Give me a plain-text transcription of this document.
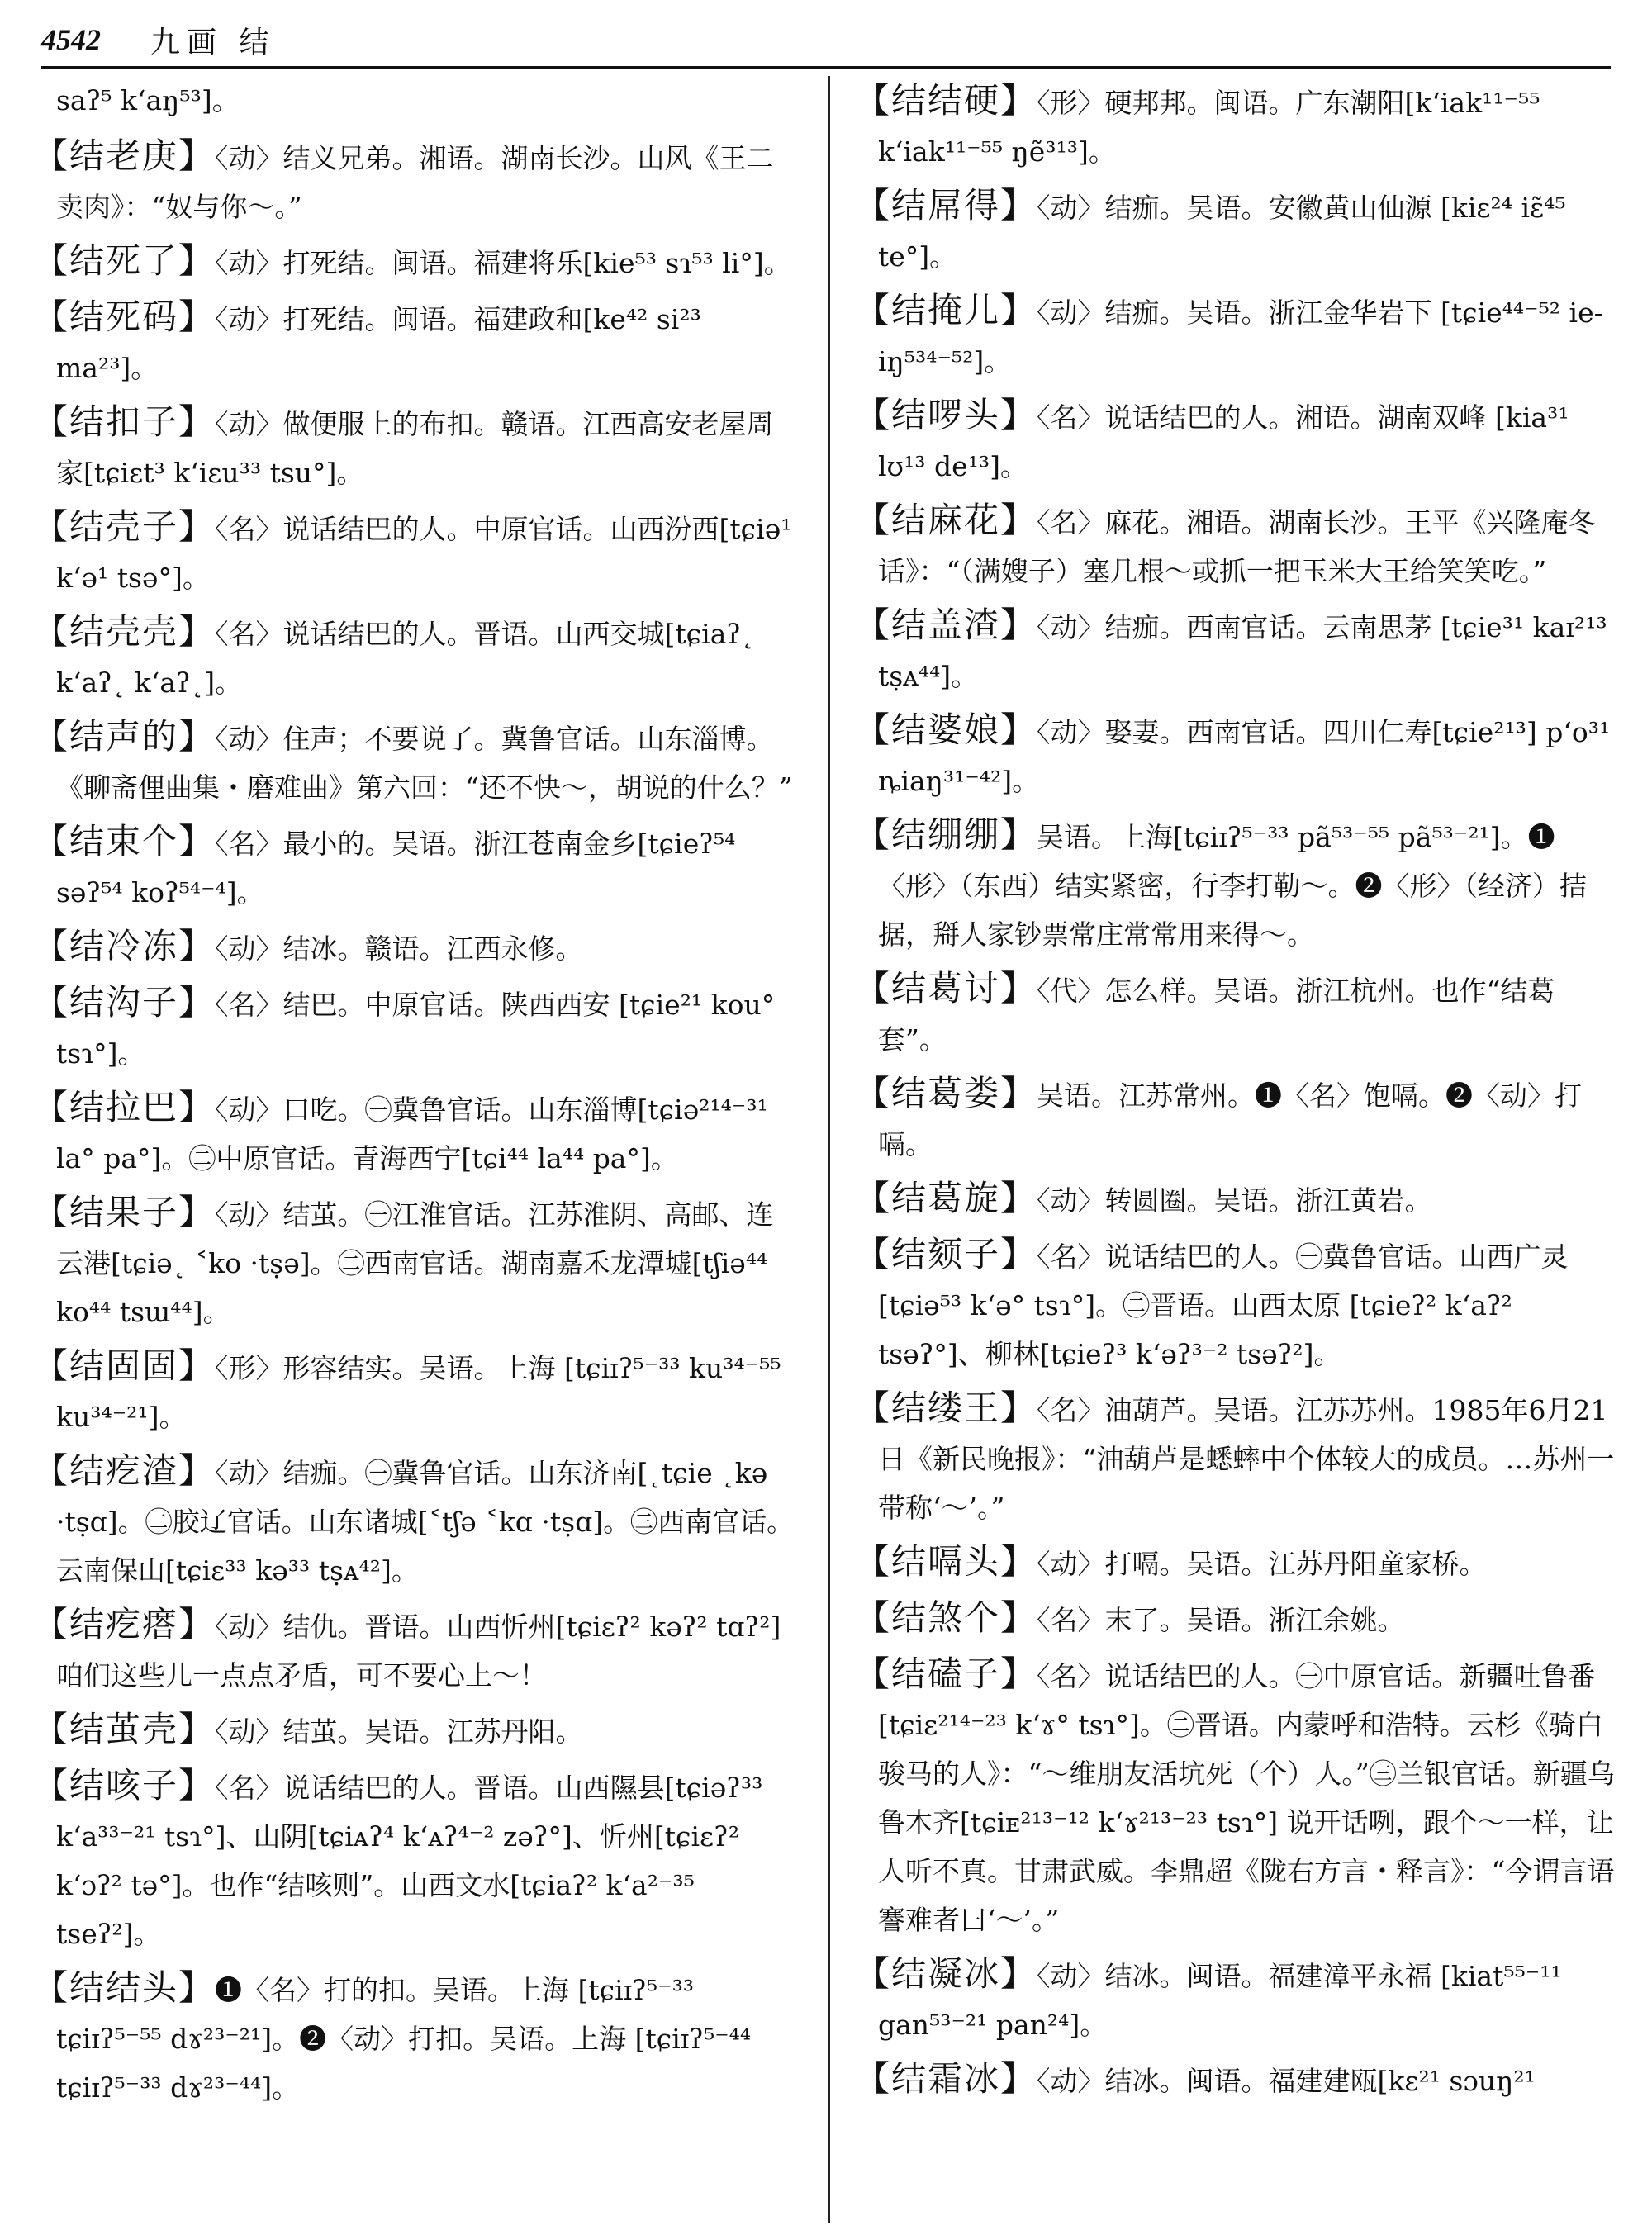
4542 九画 结

saʔ⁵ k‘aŋ⁵³]。

【结老庚】〈动〉结义兄弟。湘语。湖南长沙。山风《王二卖肉》：“奴与你～。”

【结死了】〈动〉打死结。闽语。福建将乐[kie⁵³ sɿ⁵³ li°]。

【结死码】〈动〉打死结。闽语。福建政和[ke⁴² si²³ ma²³]。

【结扣子】〈动〉做便服上的布扣。赣语。江西高安老屋周家[tɕiɛt³ k‘iɛu³³ tsu°]。

【结壳子】〈名〉说话结巴的人。中原官话。山西汾西[tɕiə¹ k‘ə¹ tsə°]。

【结壳壳】〈名〉说话结巴的人。晋语。山西交城[tɕiaʔ˛ k‘aʔ˛ k‘aʔ˛]。

【结声的】〈动〉住声；不要说了。冀鲁官话。山东淄博。《聊斋俚曲集・磨难曲》第六回：“还不快～，胡说的什么？”

【结束个】〈名〉最小的。吴语。浙江苍南金乡[tɕieʔ⁵⁴ səʔ⁵⁴ koʔ⁵⁴⁻⁴]。

【结冷冻】〈动〉结冰。赣语。江西永修。

【结沟子】〈名〉结巴。中原官话。陕西西安 [tɕie²¹ kou° tsɿ°]。

【结拉巴】〈动〉口吃。㊀冀鲁官话。山东淄博[tɕiə²¹⁴⁻³¹ la° pa°]。㊁中原官话。青海西宁[tɕi⁴⁴ la⁴⁴ pa°]。

【结果子】〈动〉结茧。㊀江淮官话。江苏淮阴、高邮、连云港[tɕiə˛ ˂ko ·tṣə]。㊁西南官话。湖南嘉禾龙潭墟[tʃiə⁴⁴ ko⁴⁴ tsɯ⁴⁴]。

【结固固】〈形〉形容结实。吴语。上海 [tɕiɪʔ⁵⁻³³ ku³⁴⁻⁵⁵ ku³⁴⁻²¹]。

【结疙渣】〈动〉结痂。㊀冀鲁官话。山东济南[˛tɕie ˛kə ·tṣɑ]。㊁胶辽官话。山东诸城[˂tʃə ˂kɑ ·tṣɑ]。㊂西南官话。云南保山[tɕiɛ³³ kə³³ tṣᴀ⁴²]。

【结疙瘩】〈动〉结仇。晋语。山西忻州[tɕiɛʔ² kəʔ² tɑʔ²]咱们这些儿一点点矛盾，可不要心上～！

【结茧壳】〈动〉结茧。吴语。江苏丹阳。

【结咳子】〈名〉说话结巴的人。晋语。山西隰县[tɕiəʔ³³ k‘a³³⁻²¹ tsɿ°]、山阴[tɕiᴀʔ⁴ k‘ᴀʔ⁴⁻² zəʔ°]、忻州[tɕiɛʔ² k‘ɔʔ² tə°]。也作“结咳则”。山西文水[tɕiaʔ² k‘a²⁻³⁵ tseʔ²]。

【结结头】❶〈名〉打的扣。吴语。上海 [tɕiɪʔ⁵⁻³³ tɕiɪʔ⁵⁻⁵⁵ dɤ²³⁻²¹]。❷〈动〉打扣。吴语。上海 [tɕiɪʔ⁵⁻⁴⁴ tɕiɪʔ⁵⁻³³ dɤ²³⁻⁴⁴]。

【结结硬】〈形〉硬邦邦。闽语。广东潮阳[k‘iak¹¹⁻⁵⁵ k‘iak¹¹⁻⁵⁵ ŋẽ³¹³]。

【结屌得】〈动〉结痂。吴语。安徽黄山仙源 [kiɛ²⁴ iɛ̃⁴⁵ te°]。

【结掩儿】〈动〉结痂。吴语。浙江金华岩下 [tɕie⁴⁴⁻⁵² ie-iŋ⁵³⁴⁻⁵²]。

【结啰头】〈名〉说话结巴的人。湘语。湖南双峰 [kia³¹ lʊ¹³ de¹³]。

【结麻花】〈名〉麻花。湘语。湖南长沙。王平《兴隆庵冬话》：“（满嫂子）塞几根～或抓一把玉米大王给笑笑吃。”

【结盖渣】〈动〉结痂。西南官话。云南思茅 [tɕie³¹ kaɪ²¹³ tṣᴀ⁴⁴]。

【结婆娘】〈动〉娶妻。西南官话。四川仁寿[tɕie²¹³] p‘o³¹ ȵiaŋ³¹⁻⁴²]。

【结绷绷】吴语。上海[tɕiɪʔ⁵⁻³³ pã⁵³⁻⁵⁵ pã⁵³⁻²¹]。❶〈形〉（东西）结实紧密，行李打勒～。❷〈形〉（经济）拮据，搿人家钞票常庄常常用来得～。

【结葛讨】〈代〉怎么样。吴语。浙江杭州。也作“结葛套”。

【结葛娄】吴语。江苏常州。❶〈名〉饱嗝。❷〈动〉打嗝。

【结葛旋】〈动〉转圆圈。吴语。浙江黄岩。

【结颏子】〈名〉说话结巴的人。㊀冀鲁官话。山西广灵[tɕiə⁵³ k‘ə° tsɿ°]。㊁晋语。山西太原 [tɕieʔ² k‘aʔ² tsəʔ°]、柳林[tɕieʔ³ k‘əʔ³⁻² tsəʔ²]。

【结缕王】〈名〉油葫芦。吴语。江苏苏州。1985年6月21日《新民晚报》：“油葫芦是蟋蟀中个体较大的成员。…苏州一带称‘～’。”

【结嗝头】〈动〉打嗝。吴语。江苏丹阳童家桥。

【结煞个】〈名〉末了。吴语。浙江余姚。

【结磕子】〈名〉说话结巴的人。㊀中原官话。新疆吐鲁番[tɕiɛ²¹⁴⁻²³ k‘ɤ° tsɿ°]。㊁晋语。内蒙呼和浩特。云杉《骑白骏马的人》：“～维朋友活坑死（个）人。”㊂兰银官话。新疆乌鲁木齐[tɕiᴇ²¹³⁻¹² k‘ɤ²¹³⁻²³ tsɿ°] 说开话咧，跟个～一样，让人听不真。甘肃武威。李鼎超《陇右方言・释言》：“今谓言语謇难者曰‘～’。”

【结凝冰】〈动〉结冰。闽语。福建漳平永福 [kiat⁵⁵⁻¹¹ gan⁵³⁻²¹ pan²⁴]。

【结霜冰】〈动〉结冰。闽语。福建建瓯[kɛ²¹ sɔuŋ²¹
